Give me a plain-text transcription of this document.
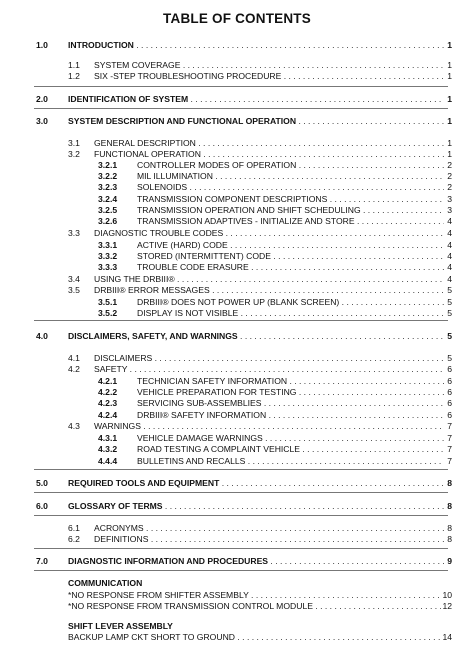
TABLE OF CONTENTS
1.0 INTRODUCTION . . .	1
1.1 SYSTEM COVERAGE . . .	1
1.2 SIX -STEP TROUBLESHOOTING PROCEDURE . . .	1
2.0 IDENTIFICATION OF SYSTEM . . .	1
3.0 SYSTEM DESCRIPTION AND FUNCTIONAL OPERATION . . .	1
3.1 GENERAL DESCRIPTION . . .	1
3.2 FUNCTIONAL OPERATION . . .	1
3.2.1 CONTROLLER MODES OF OPERATION . . .	2
3.2.2 MIL ILLUMINATION . . .	2
3.2.3 SOLENOIDS . . .	2
3.2.4 TRANSMISSION COMPONENT DESCRIPTIONS . . .	3
3.2.5 TRANSMISSION OPERATION AND SHIFT SCHEDULING . . .	3
3.2.6 TRANSMISSION ADAPTIVES - INITIALIZE AND STORE . . .	4
3.3 DIAGNOSTIC TROUBLE CODES . . .	4
3.3.1 ACTIVE (HARD) CODE . . .	4
3.3.2 STORED (INTERMITTENT) CODE . . .	4
3.3.3 TROUBLE CODE ERASURE . . .	4
3.4 USING THE DRBIII® . . .	4
3.5 DRBIII® ERROR MESSAGES . . .	5
3.5.1 DRBIII® DOES NOT POWER UP (BLANK SCREEN) . . .	5
3.5.2 DISPLAY IS NOT VISIBLE . . .	5
4.0 DISCLAIMERS, SAFETY, AND WARNINGS . . .	5
4.1 DISCLAIMERS . . .	5
4.2 SAFETY . . .	6
4.2.1 TECHNICIAN SAFETY INFORMATION . . .	6
4.2.2 VEHICLE PREPARATION FOR TESTING . . .	6
4.2.3 SERVICING SUB-ASSEMBLIES . . .	6
4.2.4 DRBIII® SAFETY INFORMATION . . .	6
4.3 WARNINGS . . .	7
4.3.1 VEHICLE DAMAGE WARNINGS . . .	7
4.3.2 ROAD TESTING A COMPLAINT VEHICLE . . .	7
4.4.4 BULLETINS AND RECALLS . . .	7
5.0 REQUIRED TOOLS AND EQUIPMENT . . .	8
6.0 GLOSSARY OF TERMS . . .	8
6.1 ACRONYMS . . .	8
6.2 DEFINITIONS . . .	8
7.0 DIAGNOSTIC INFORMATION AND PROCEDURES . . .	9
COMMUNICATION
*NO RESPONSE FROM SHIFTER ASSEMBLY . . .	10
*NO RESPONSE FROM TRANSMISSION CONTROL MODULE . . .	12
SHIFT LEVER ASSEMBLY
BACKUP LAMP CKT SHORT TO GROUND . . .	14
